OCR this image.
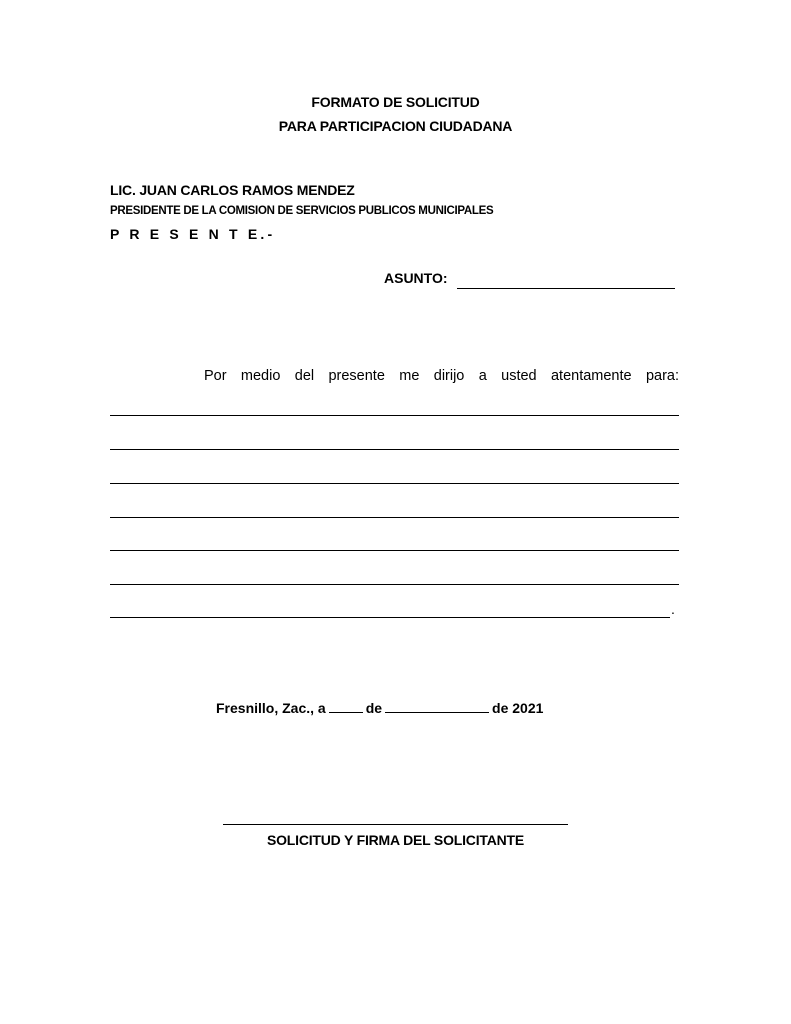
FORMATO DE SOLICITUD
PARA PARTICIPACION CIUDADANA
LIC. JUAN CARLOS RAMOS MENDEZ
PRESIDENTE DE LA COMISION DE SERVICIOS PUBLICOS MUNICIPALES
P R E S E N T E.-
ASUNTO:
Por medio del presente me dirijo a usted atentamente para:
.
Fresnillo, Zac., a	de	de 2021
SOLICITUD Y FIRMA DEL SOLICITANTE
